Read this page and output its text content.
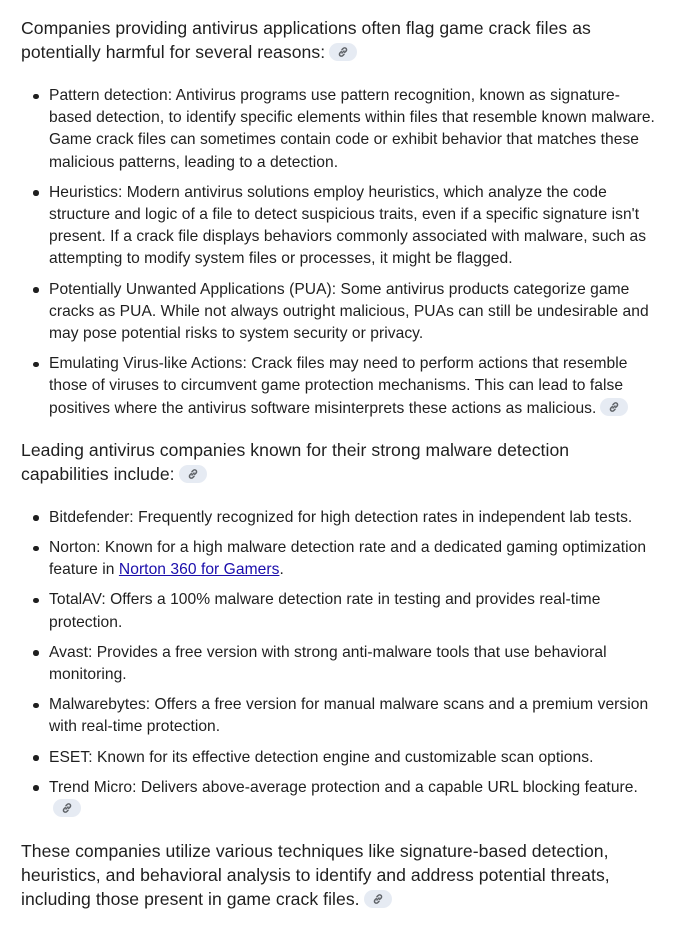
Companies providing antivirus applications often flag game crack files as potentially harmful for several reasons:

Pattern detection: Antivirus programs use pattern recognition, known as signature-based detection, to identify specific elements within files that resemble known malware. Game crack files can sometimes contain code or exhibit behavior that matches these malicious patterns, leading to a detection.
Heuristics: Modern antivirus solutions employ heuristics, which analyze the code structure and logic of a file to detect suspicious traits, even if a specific signature isn't present. If a crack file displays behaviors commonly associated with malware, such as attempting to modify system files or processes, it might be flagged.
Potentially Unwanted Applications (PUA): Some antivirus products categorize game cracks as PUA. While not always outright malicious, PUAs can still be undesirable and may pose potential risks to system security or privacy.
Emulating Virus-like Actions: Crack files may need to perform actions that resemble those of viruses to circumvent game protection mechanisms. This can lead to false positives where the antivirus software misinterprets these actions as malicious.

Leading antivirus companies known for their strong malware detection capabilities include:

Bitdefender: Frequently recognized for high detection rates in independent lab tests.
Norton: Known for a high malware detection rate and a dedicated gaming optimization feature in Norton 360 for Gamers.
TotalAV: Offers a 100% malware detection rate in testing and provides real-time protection.
Avast: Provides a free version with strong anti-malware tools that use behavioral monitoring.
Malwarebytes: Offers a free version for manual malware scans and a premium version with real-time protection.
ESET: Known for its effective detection engine and customizable scan options.
Trend Micro: Delivers above-average protection and a capable URL blocking feature.

These companies utilize various techniques like signature-based detection, heuristics, and behavioral analysis to identify and address potential threats, including those present in game crack files.
